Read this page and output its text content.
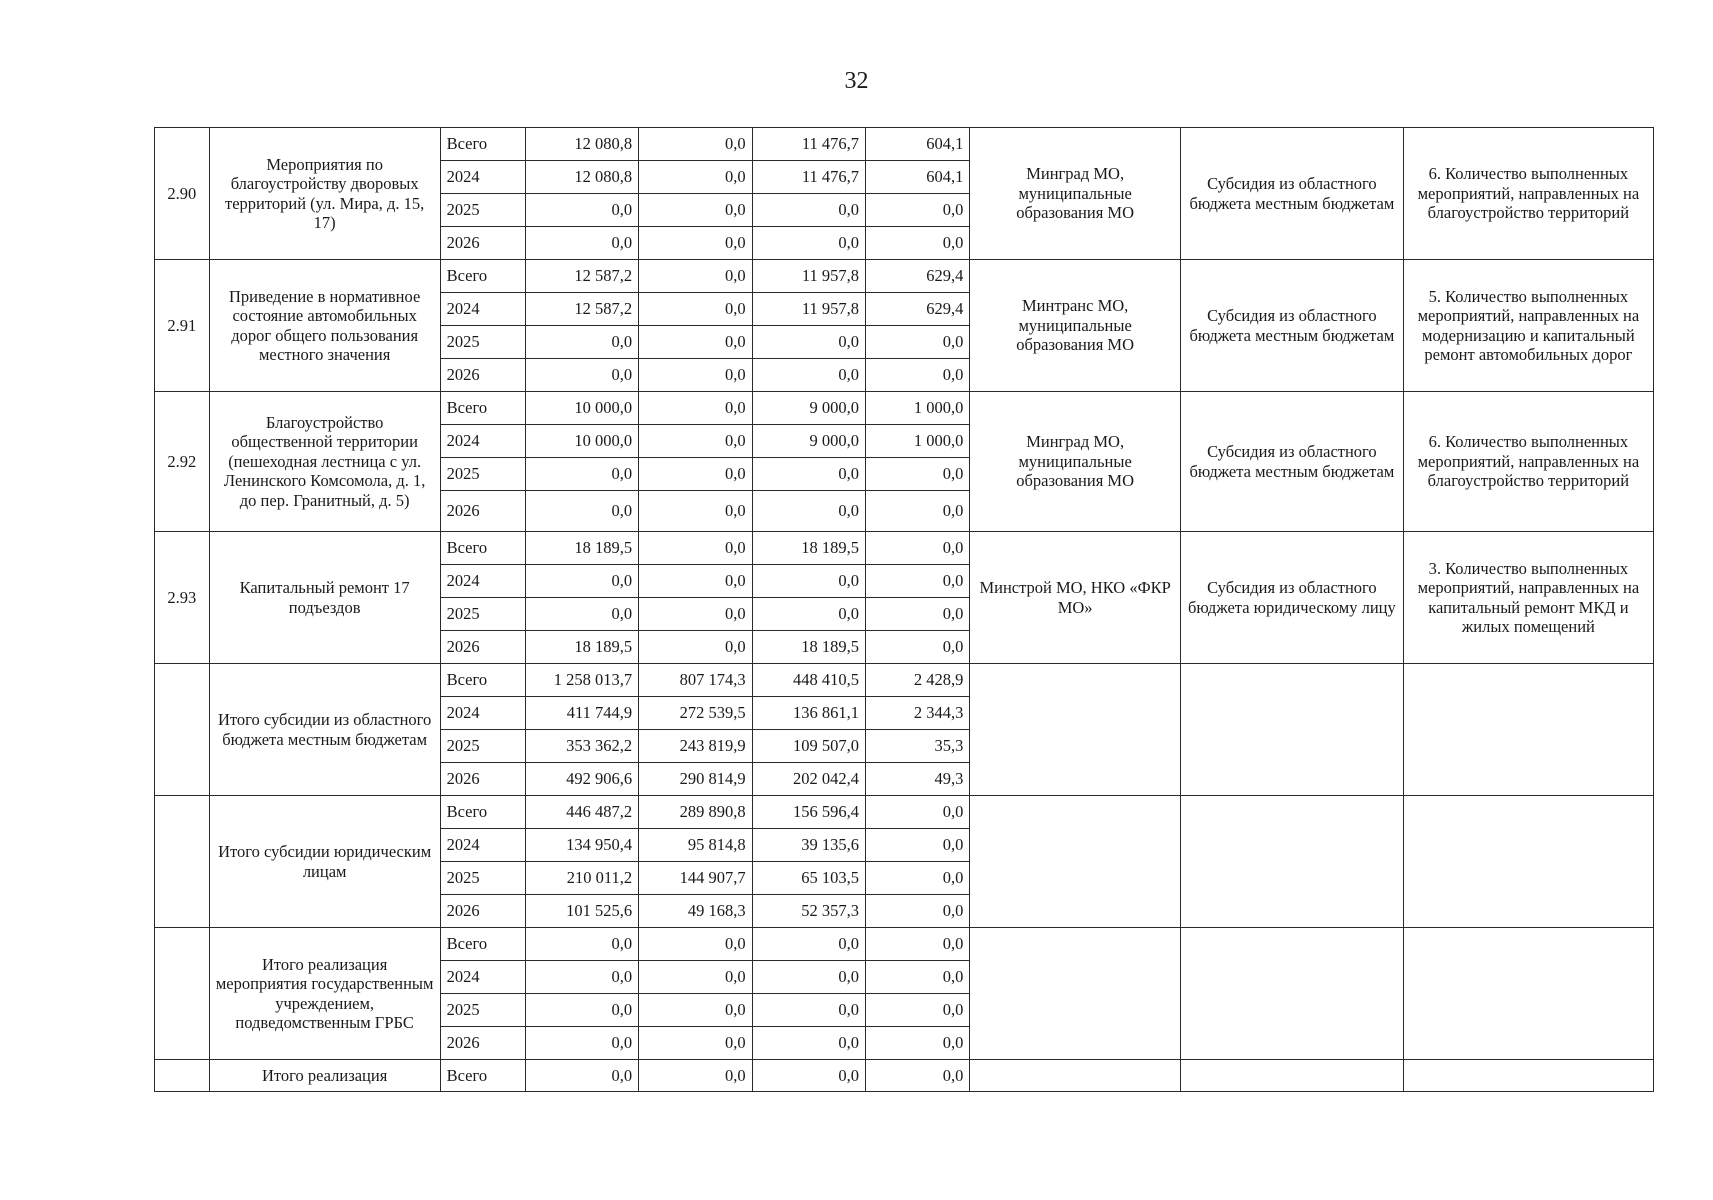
32
2.90	Мероприятия по благоустройству дворовых территорий (ул. Мира, д. 15, 17)	Всего	12 080,8	0,0	11 476,7	604,1	Минград МО, муниципальные образования МО	Субсидия из областного бюджета местным бюджетам	6. Количество выполненных мероприятий, направленных на благоустройство территорий
		2024	12 080,8	0,0	11 476,7	604,1			
		2025	0,0	0,0	0,0	0,0			
		2026	0,0	0,0	0,0	0,0			
2.91	Приведение в нормативное состояние автомобильных дорог общего пользования местного значения	Всего	12 587,2	0,0	11 957,8	629,4	Минтранс МО, муниципальные образования МО	Субсидия из областного бюджета местным бюджетам	5. Количество выполненных мероприятий, направленных на модернизацию и капитальный ремонт автомобильных дорог
		2024	12 587,2	0,0	11 957,8	629,4			
		2025	0,0	0,0	0,0	0,0			
		2026	0,0	0,0	0,0	0,0			
2.92	Благоустройство общественной территории (пешеходная лестница с ул. Ленинского Комсомола, д. 1, до пер. Гранитный, д. 5)	Всего	10 000,0	0,0	9 000,0	1 000,0	Минград МО, муниципальные образования МО	Субсидия из областного бюджета местным бюджетам	6. Количество выполненных мероприятий, направленных на благоустройство территорий
		2024	10 000,0	0,0	9 000,0	1 000,0			
		2025	0,0	0,0	0,0	0,0			
		2026	0,0	0,0	0,0	0,0			
2.93	Капитальный ремонт 17 подъездов	Всего	18 189,5	0,0	18 189,5	0,0	Минстрой МО, НКО «ФКР МО»	Субсидия из областного бюджета юридическому лицу	3. Количество выполненных мероприятий, направленных на капитальный ремонт МКД и жилых помещений
		2024	0,0	0,0	0,0	0,0			
		2025	0,0	0,0	0,0	0,0			
		2026	18 189,5	0,0	18 189,5	0,0			
	Итого субсидии из областного бюджета местным бюджетам	Всего	1 258 013,7	807 174,3	448 410,5	2 428,9			
		2024	411 744,9	272 539,5	136 861,1	2 344,3			
		2025	353 362,2	243 819,9	109 507,0	35,3			
		2026	492 906,6	290 814,9	202 042,4	49,3			
	Итого субсидии юридическим лицам	Всего	446 487,2	289 890,8	156 596,4	0,0			
		2024	134 950,4	95 814,8	39 135,6	0,0			
		2025	210 011,2	144 907,7	65 103,5	0,0			
		2026	101 525,6	49 168,3	52 357,3	0,0			
	Итого реализация мероприятия государственным учреждением, подведомственным ГРБС	Всего	0,0	0,0	0,0	0,0			
		2024	0,0	0,0	0,0	0,0			
		2025	0,0	0,0	0,0	0,0			
		2026	0,0	0,0	0,0	0,0			
	Итого реализация	Всего	0,0	0,0	0,0	0,0			
